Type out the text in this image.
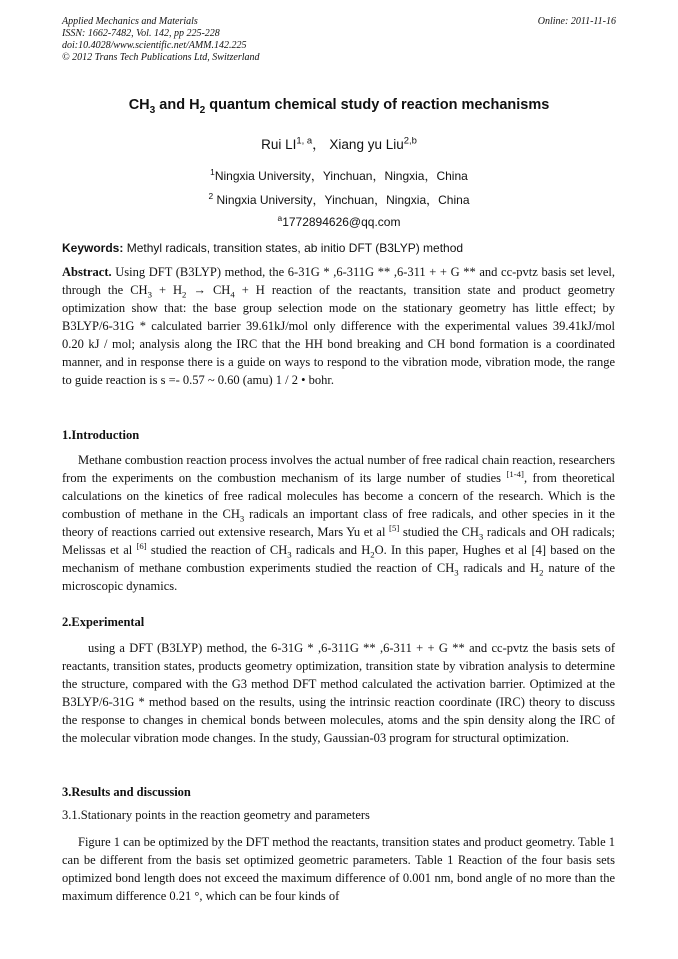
Applied Mechanics and Materials
ISSN: 1662-7482, Vol. 142, pp 225-228
doi:10.4028/www.scientific.net/AMM.142.225
© 2012 Trans Tech Publications Ltd, Switzerland
Online: 2011-11-16
$CH_3$ and $H_2$ quantum chemical study of reaction mechanisms
Rui LI$^{1, a}$， Xiang yu Liu$^{2,b}$
$^1$Ningxia University，Yinchuan，Ningxia，China
$^2$ Ningxia University，Yinchuan，Ningxia，China
$^a$1772894626@qq.com
Keywords: Methyl radicals, transition states, ab initio DFT (B3LYP) method
Abstract. Using DFT (B3LYP) method, the 6-31G * ,6-311G ** ,6-311 + + G ** and cc-pvtz basis set level, through the $CH_3 + H_2 \to CH_4 + H$ reaction of the reactants, transition state and product geometry optimization show that: the base group selection mode on the stationary geometry has little effect; by B3LYP/6-31G * calculated barrier 39.61kJ/mol only difference with the experimental values 39.41kJ/mol 0.20 kJ / mol; analysis along the IRC that the HH bond breaking and CH bond formation is a coordinated manner, and in response there is a guide on ways to respond to the vibration mode, vibration mode, the range to guide reaction is s =- 0.57 ~ 0.60 (amu) 1 / 2 • bohr.
1.Introduction
Methane combustion reaction process involves the actual number of free radical chain reaction, researchers from the experiments on the combustion mechanism of its large number of studies [1-4], from theoretical calculations on the kinetics of free radical molecules has become a concern of the research. Which is the combustion of methane in the $CH_3$ radicals an important class of free radicals, and other species in it the theory of reactions carried out extensive research, Mars Yu et al [5] studied the $CH_3$ radicals and OH radicals; Melissas et al [6] studied the reaction of $CH_3$ radicals and $H_2O$. In this paper, Hughes et al [4] based on the mechanism of methane combustion experiments studied the reaction of $CH_3$ radicals and $H_2$ nature of the microscopic dynamics.
2.Experimental
using a DFT (B3LYP) method, the 6-31G * ,6-311G ** ,6-311 + + G ** and cc-pvtz the basis sets of reactants, transition states, products geometry optimization, transition state by vibration analysis to determine the structure, compared with the G3 method DFT method calculated the activation barrier. Optimized at the B3LYP/6-31G * method based on the results, using the intrinsic reaction coordinate (IRC) theory to discuss the response to changes in chemical bonds between molecules, atoms and the spin density along the IRC of the molecular vibration mode changes. In the study, Gaussian-03 program for structural optimization.
3.Results and discussion
3.1.Stationary points in the reaction geometry and parameters
Figure 1 can be optimized by the DFT method the reactants, transition states and product geometry. Table 1 can be different from the basis set optimized geometric parameters. Table 1 Reaction of the four basis sets optimized bond length does not exceed the maximum difference of 0.001 nm, bond angle of no more than the maximum difference 0.21 °, which can be four kinds of
